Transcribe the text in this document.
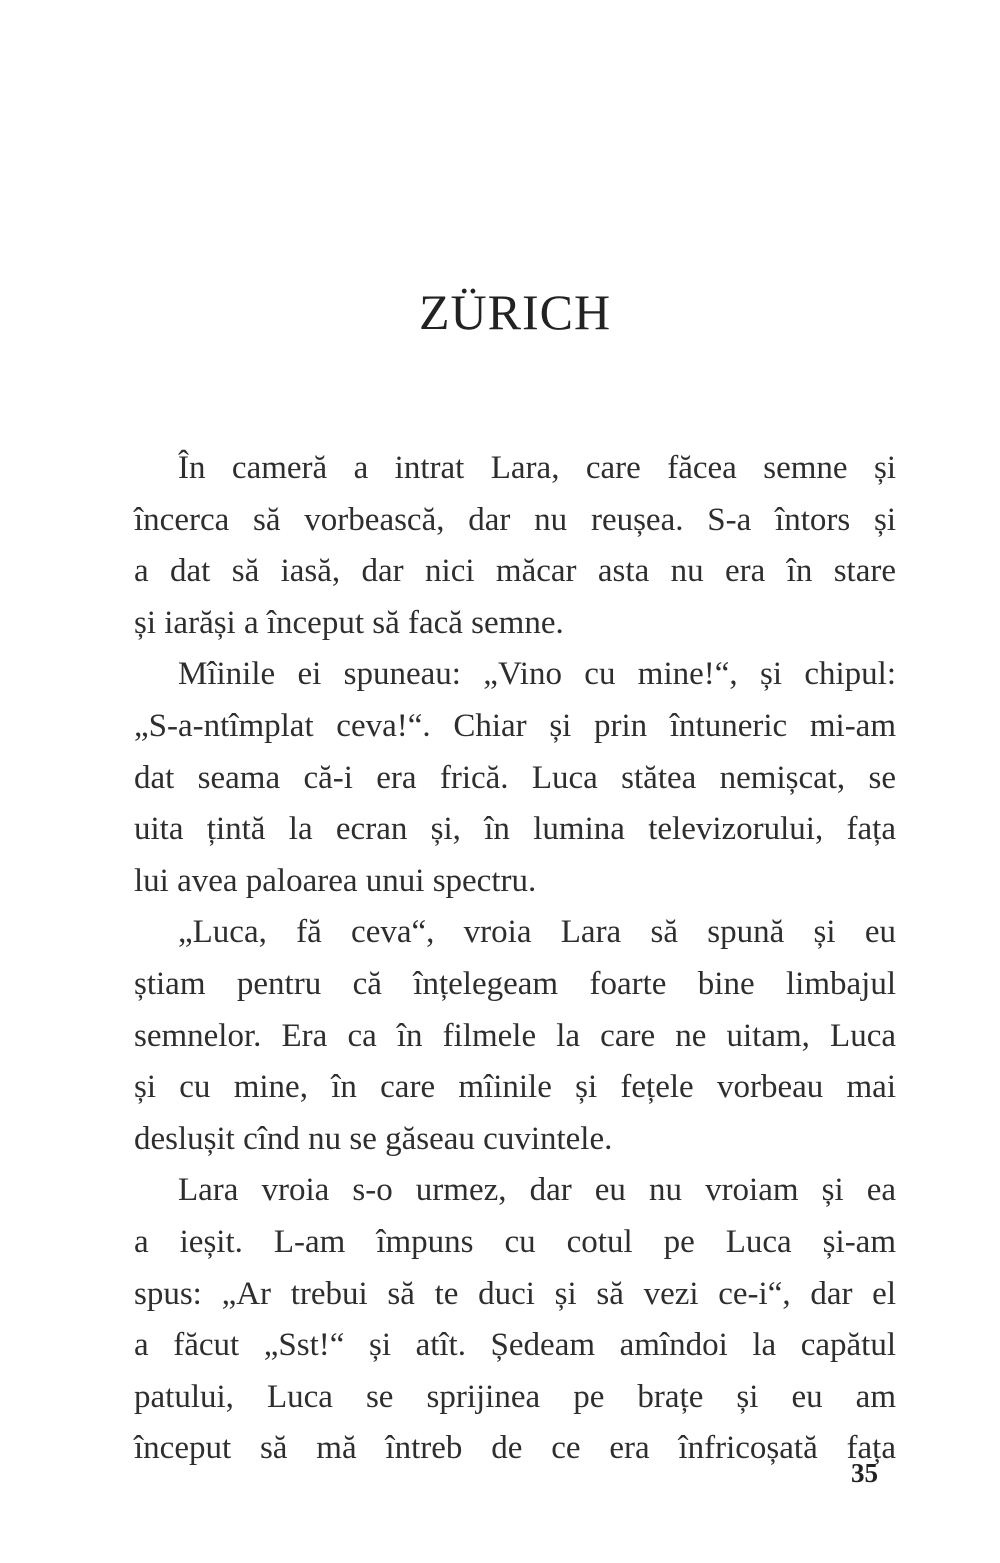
ZÜRICH
În cameră a intrat Lara, care făcea semne și
încerca să vorbească, dar nu reușea. S-a întors și
a dat să iasă, dar nici măcar asta nu era în stare
și iarăși a început să facă semne.
Mîinile ei spuneau: „Vino cu mine!“, și chipul:
„S-a-ntîmplat ceva!“. Chiar și prin întuneric mi-am
dat seama că-i era frică. Luca stătea nemișcat, se
uita țintă la ecran și, în lumina televizorului, fața
lui avea paloarea unui spectru.
„Luca, fă ceva“, vroia Lara să spună și eu
știam pentru că înțelegeam foarte bine limbajul
semnelor. Era ca în filmele la care ne uitam, Luca
și cu mine, în care mîinile și fețele vorbeau mai
deslușit cînd nu se găseau cuvintele.
Lara vroia s-o urmez, dar eu nu vroiam și ea
a ieșit. L-am împuns cu cotul pe Luca și-am
spus: „Ar trebui să te duci și să vezi ce-i“, dar el
a făcut „Sst!“ și atît. Ședeam amîndoi la capătul
patului, Luca se sprijinea pe brațe și eu am
început să mă întreb de ce era înfricoșată fața
35
